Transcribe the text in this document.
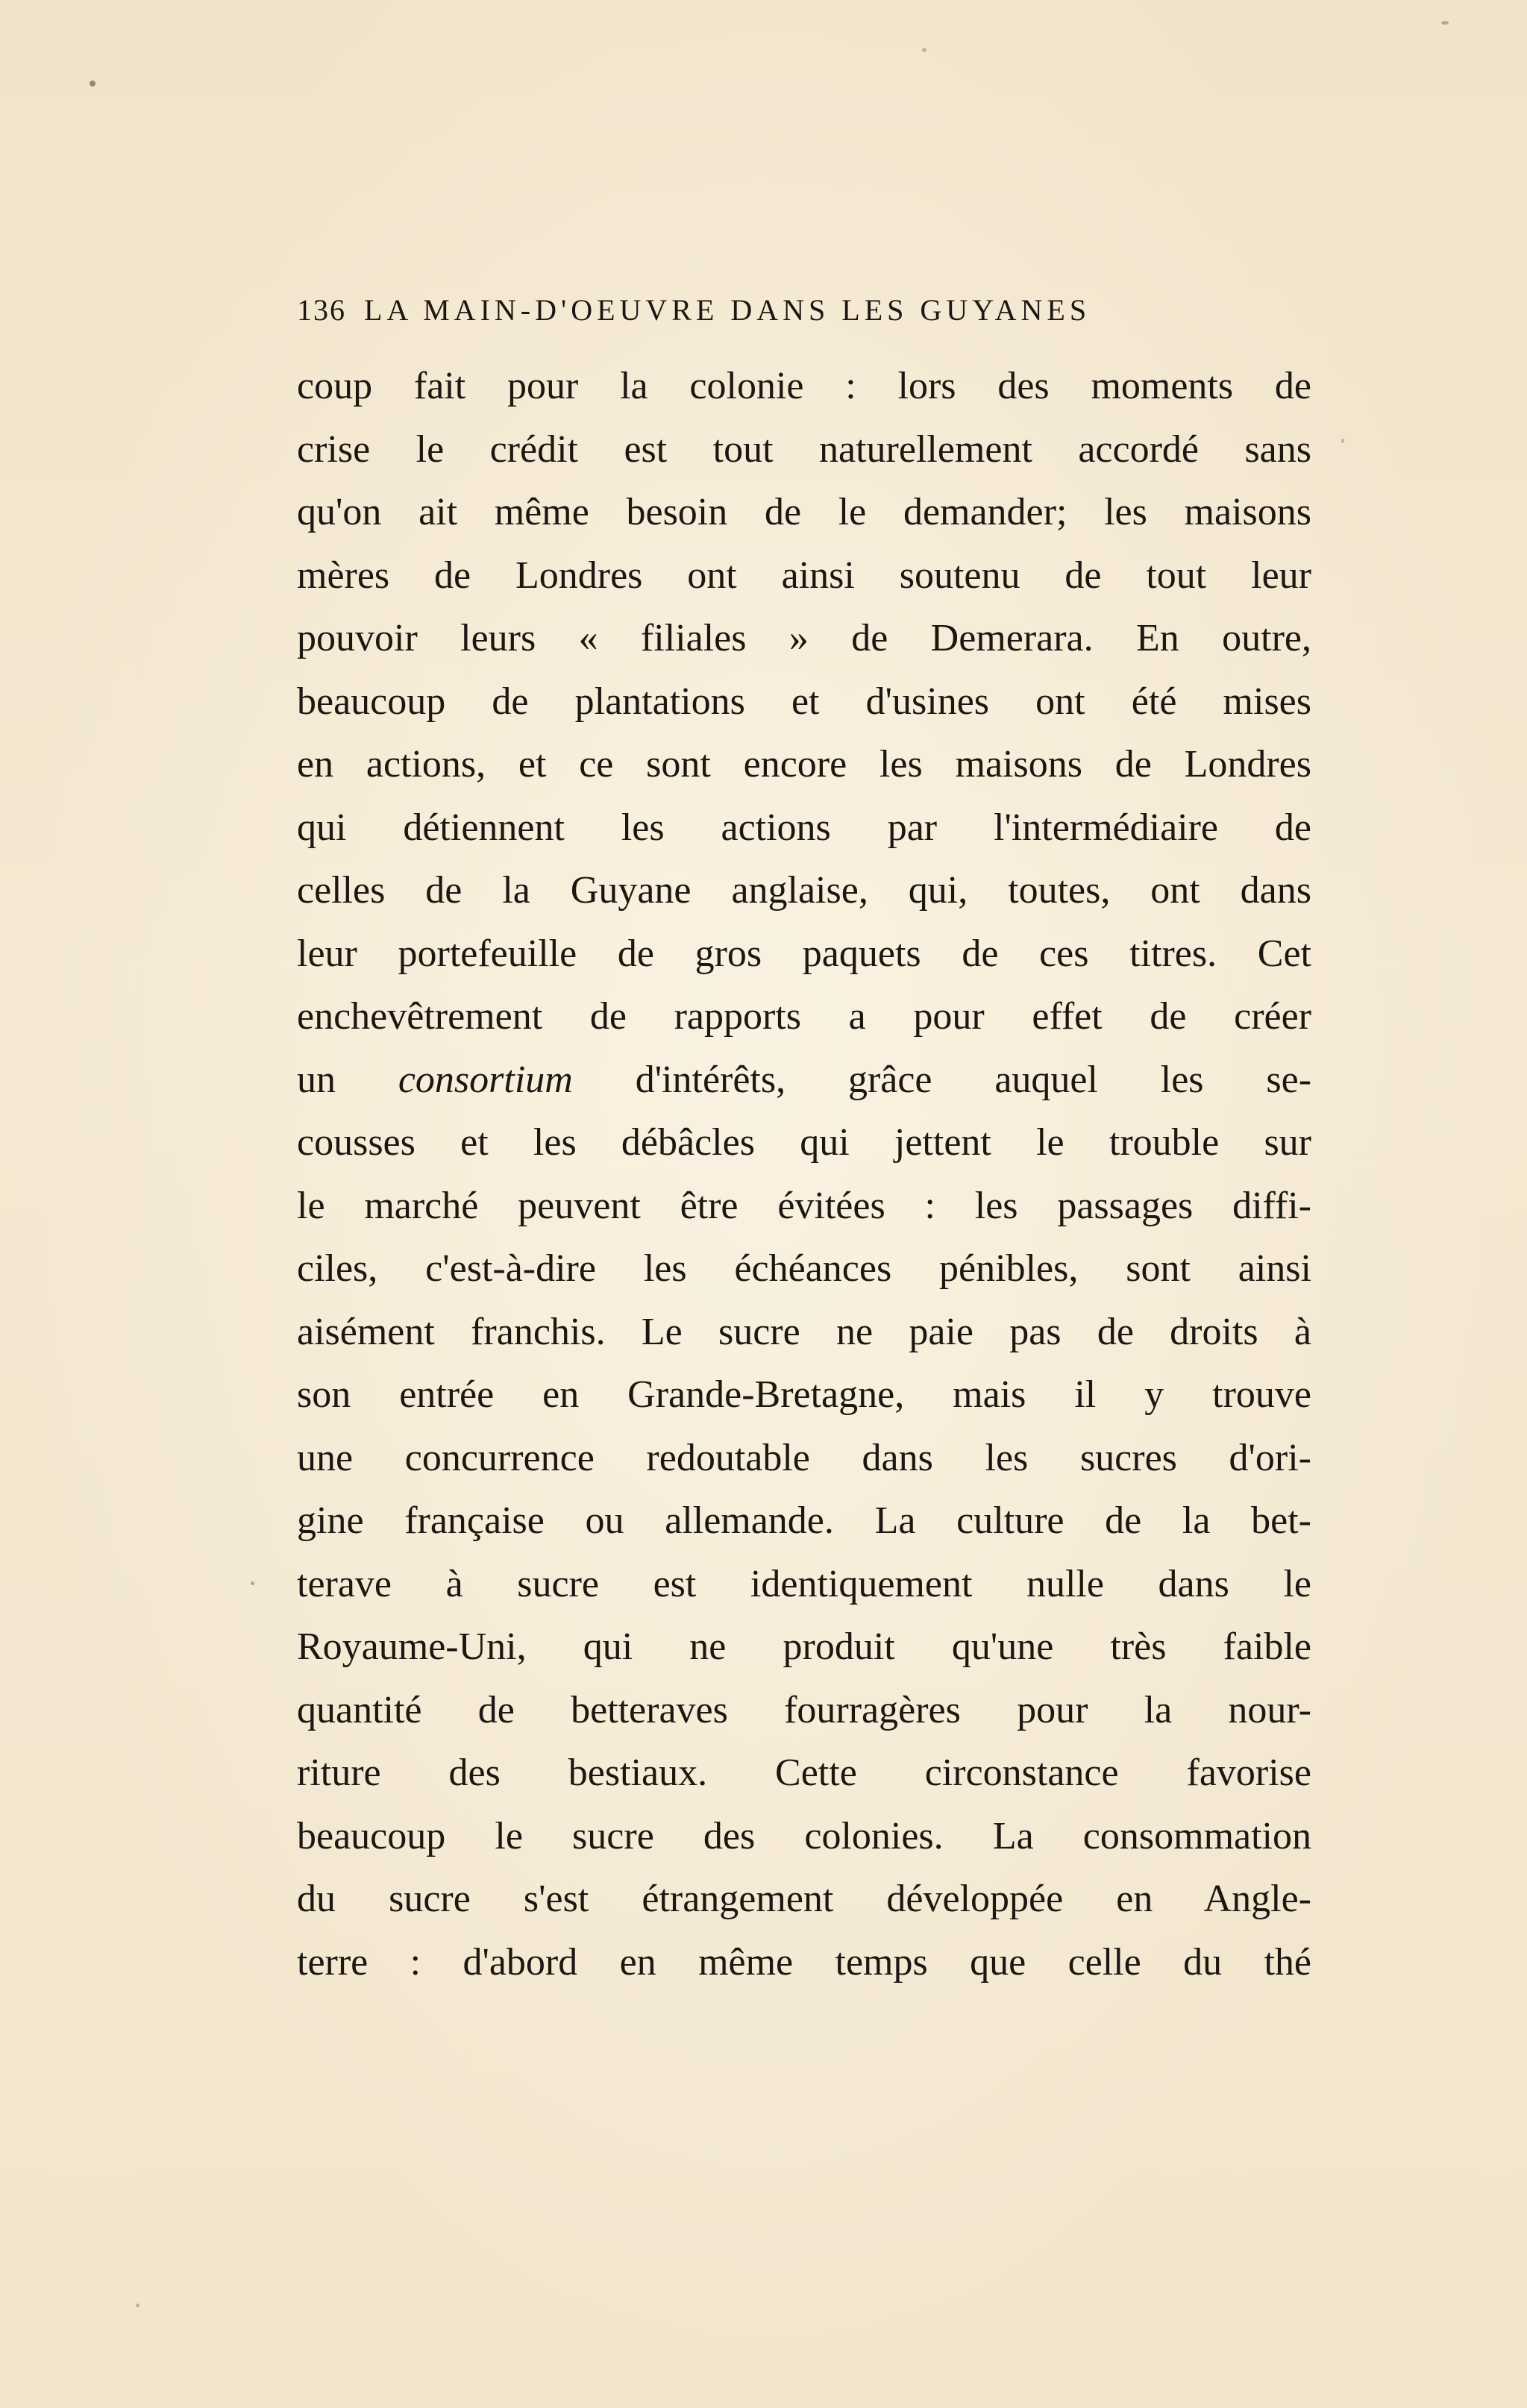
136 LA MAIN-D'OEUVRE DANS LES GUYANES
coup fait pour la colonie : lors des moments de
crise le crédit est tout naturellement accordé sans
qu'on ait même besoin de le demander; les maisons
mères de Londres ont ainsi soutenu de tout leur
pouvoir leurs « filiales » de Demerara. En outre,
beaucoup de plantations et d'usines ont été mises
en actions, et ce sont encore les maisons de Londres
qui détiennent les actions par l'intermédiaire de
celles de la Guyane anglaise, qui, toutes, ont dans
leur portefeuille de gros paquets de ces titres. Cet
enchevêtrement de rapports a pour effet de créer
un consortium d'intérêts, grâce auquel les se-
cousses et les débâcles qui jettent le trouble sur
le marché peuvent être évitées : les passages diffi-
ciles, c'est-à-dire les échéances pénibles, sont ainsi
aisément franchis. Le sucre ne paie pas de droits à
son entrée en Grande-Bretagne, mais il y trouve
une concurrence redoutable dans les sucres d'ori-
gine française ou allemande. La culture de la bet-
terave à sucre est identiquement nulle dans le
Royaume-Uni, qui ne produit qu'une très faible
quantité de betteraves fourragères pour la nour-
riture des bestiaux. Cette circonstance favorise
beaucoup le sucre des colonies. La consommation
du sucre s'est étrangement développée en Angle-
terre : d'abord en même temps que celle du thé
